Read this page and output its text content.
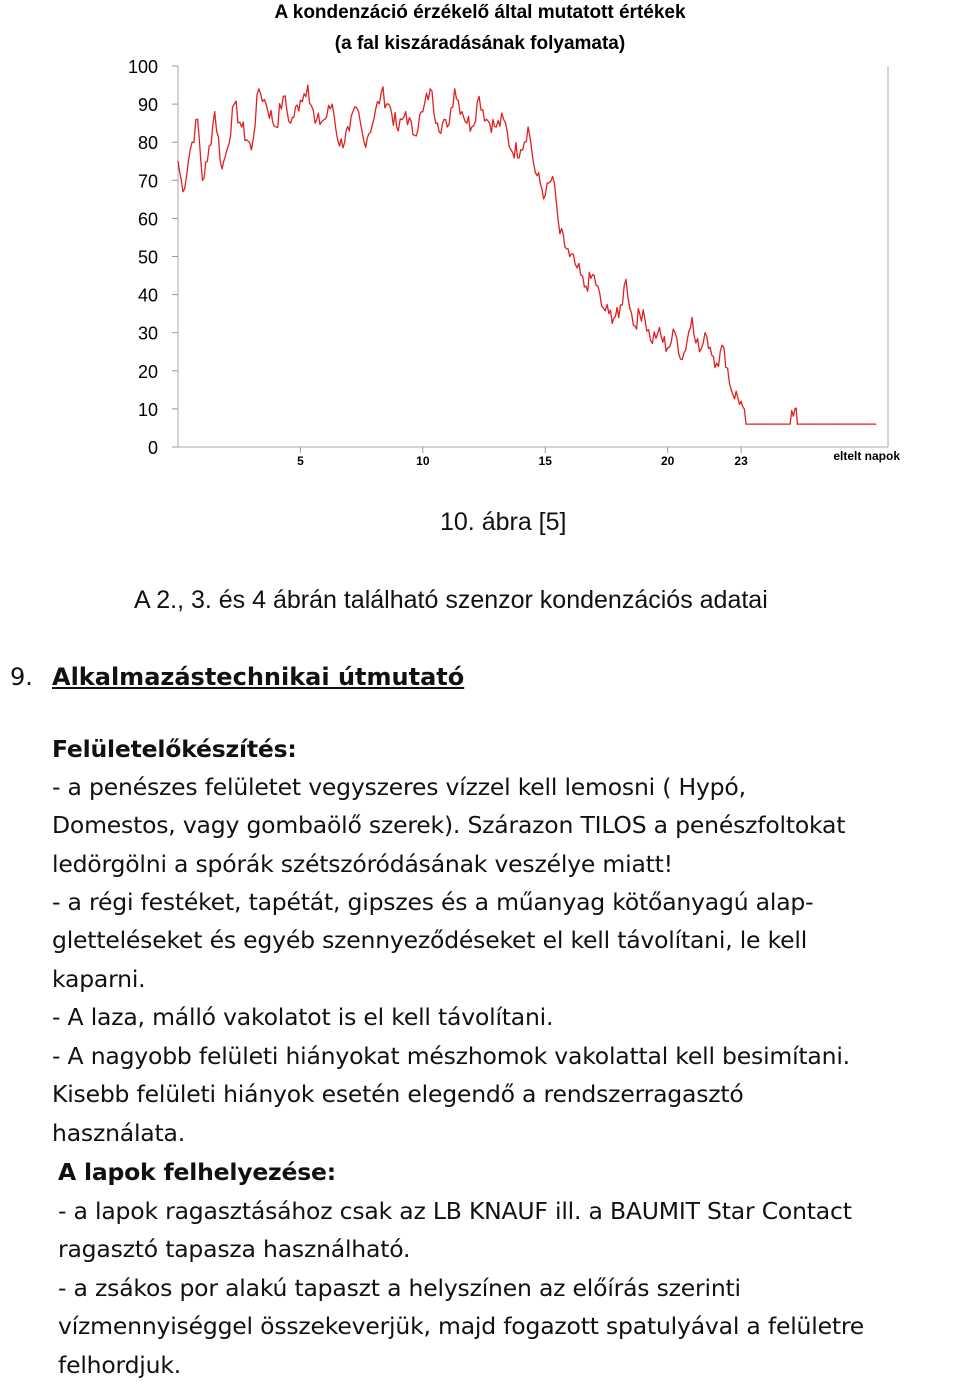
A kondenzáció érzékelő által mutatott értékek
(a fal kiszáradásának folyamata)
0
10
20
30
40
50
60
70
80
90
100
5	10	15	20	23	eltelt napok
10. ábra [5]
A 2., 3. és 4 ábrán található szenzor kondenzációs adatai
9. Alkalmazástechnikai útmutató
Felületelőkészítés:
- a penészes felületet vegyszeres vízzel kell lemosni ( Hypó,
Domestos, vagy gombaölő szerek). Szárazon TILOS a penészfoltokat
ledörgölni a spórák szétszóródásának veszélye miatt!
- a régi festéket, tapétát, gipszes és a műanyag kötőanyagú alap-
gletteléseket és egyéb szennyeződéseket el kell távolítani, le kell
kaparni.
- A laza, málló vakolatot is el kell távolítani.
- A nagyobb felületi hiányokat mészhomok vakolattal kell besimítani.
Kisebb felületi hiányok esetén elegendő a rendszerragasztó
használata.
A lapok felhelyezése:
- a lapok ragasztásához csak az LB KNAUF ill. a BAUMIT Star Contact
ragasztó tapasza használható.
- a zsákos por alakú tapaszt a helyszínen az előírás szerinti
vízmennyiséggel összekeverjük, majd fogazott spatulyával a felületre
felhordjuk.
